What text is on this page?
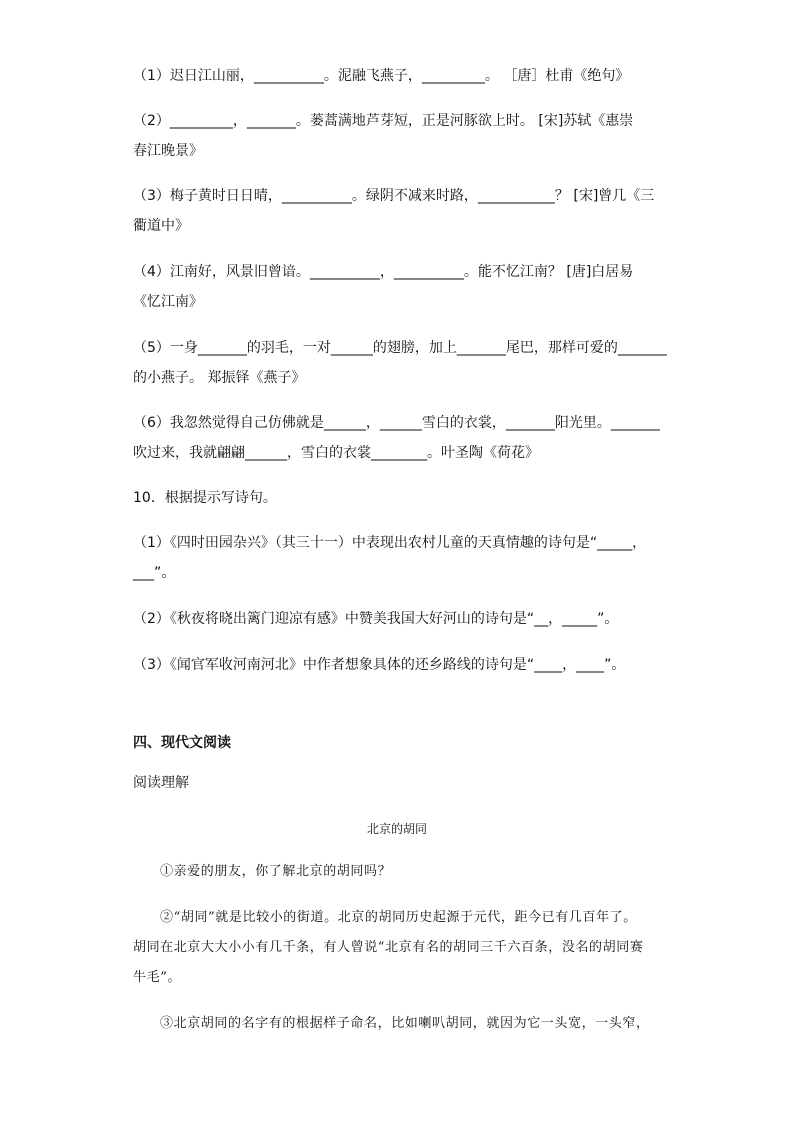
（1）迟日江山丽，__________。泥融飞燕子，_________。 ［唐］杜甫《绝句》
（2）_________，_______。蒌蒿满地芦芽短，正是河豚欲上时。 [宋]苏轼《惠崇
春江晚景》
（3）梅子黄时日日晴，__________。绿阴不减来时路，___________？ [宋]曾几《三
衢道中》
（4）江南好，风景旧曾谙。__________，__________。能不忆江南？ [唐]白居易
《忆江南》
（5）一身_______的羽毛，一对______的翅膀，加上_______尾巴，那样可爱的_______
的小燕子。 郑振铎《燕子》
（6）我忽然觉得自己仿佛就是______，______雪白的衣裳，_______阳光里。_______
吹过来，我就翩翩______，雪白的衣裳________。叶圣陶《荷花》
10．根据提示写诗句。
（1）《四时田园杂兴》（其三十一）中表现出农村儿童的天真情趣的诗句是“_____，
___”。
（2）《秋夜将晓出篱门迎凉有感》中赞美我国大好河山的诗句是“__，_____”。
（3）《闻官军收河南河北》中作者想象具体的还乡路线的诗句是“____，____”。
四、现代文阅读
阅读理解
北京的胡同
①亲爱的朋友，你了解北京的胡同吗？
②“胡同”就是比较小的街道。北京的胡同历史起源于元代，距今已有几百年了。
胡同在北京大大小小有几千条，有人曾说“北京有名的胡同三千六百条，没名的胡同赛
牛毛”。
③北京胡同的名字有的根据样子命名，比如喇叭胡同，就因为它一头宽，一头窄，
